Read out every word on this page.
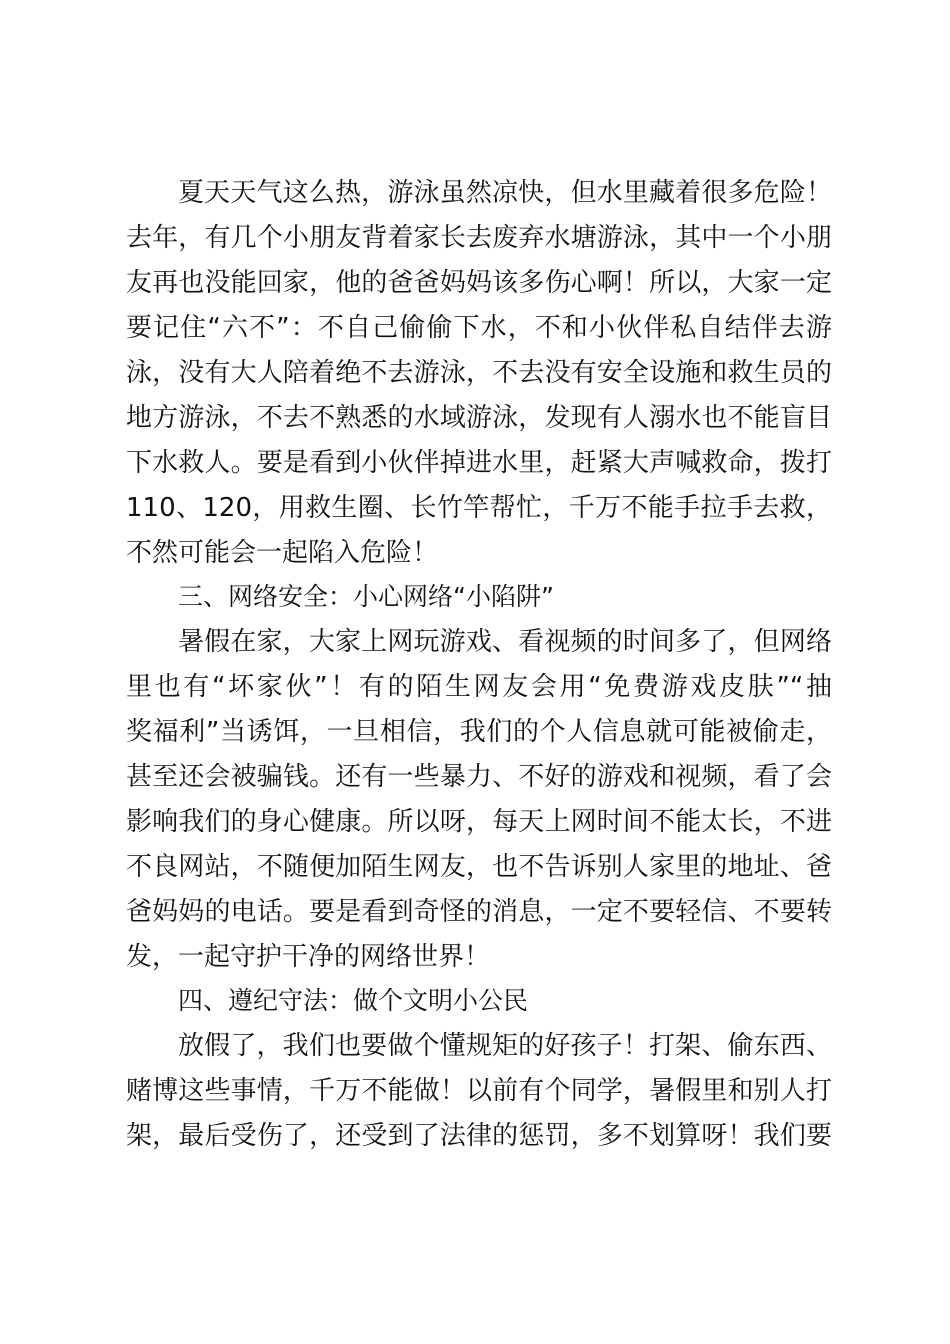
夏天天气这么热，游泳虽然凉快，但水里藏着很多危险！
去年，有几个小朋友背着家长去废弃水塘游泳，其中一个小朋
友再也没能回家，他的爸爸妈妈该多伤心啊！所以，大家一定
要记住“六不”：不自己偷偷下水，不和小伙伴私自结伴去游
泳，没有大人陪着绝不去游泳，不去没有安全设施和救生员的
地方游泳，不去不熟悉的水域游泳，发现有人溺水也不能盲目
下水救人。要是看到小伙伴掉进水里，赶紧大声喊救命，拨打
110、120，用救生圈、长竹竿帮忙，千万不能手拉手去救，
不然可能会一起陷入危险！
三、网络安全：小心网络“小陷阱”
暑假在家，大家上网玩游戏、看视频的时间多了，但网络
里也有“坏家伙”！有的陌生网友会用“免费游戏皮肤”“抽
奖福利”当诱饵，一旦相信，我们的个人信息就可能被偷走，
甚至还会被骗钱。还有一些暴力、不好的游戏和视频，看了会
影响我们的身心健康。所以呀，每天上网时间不能太长，不进
不良网站，不随便加陌生网友，也不告诉别人家里的地址、爸
爸妈妈的电话。要是看到奇怪的消息，一定不要轻信、不要转
发，一起守护干净的网络世界！
四、遵纪守法：做个文明小公民
放假了，我们也要做个懂规矩的好孩子！打架、偷东西、
赌博这些事情，千万不能做！以前有个同学，暑假里和别人打
架，最后受伤了，还受到了法律的惩罚，多不划算呀！我们要
